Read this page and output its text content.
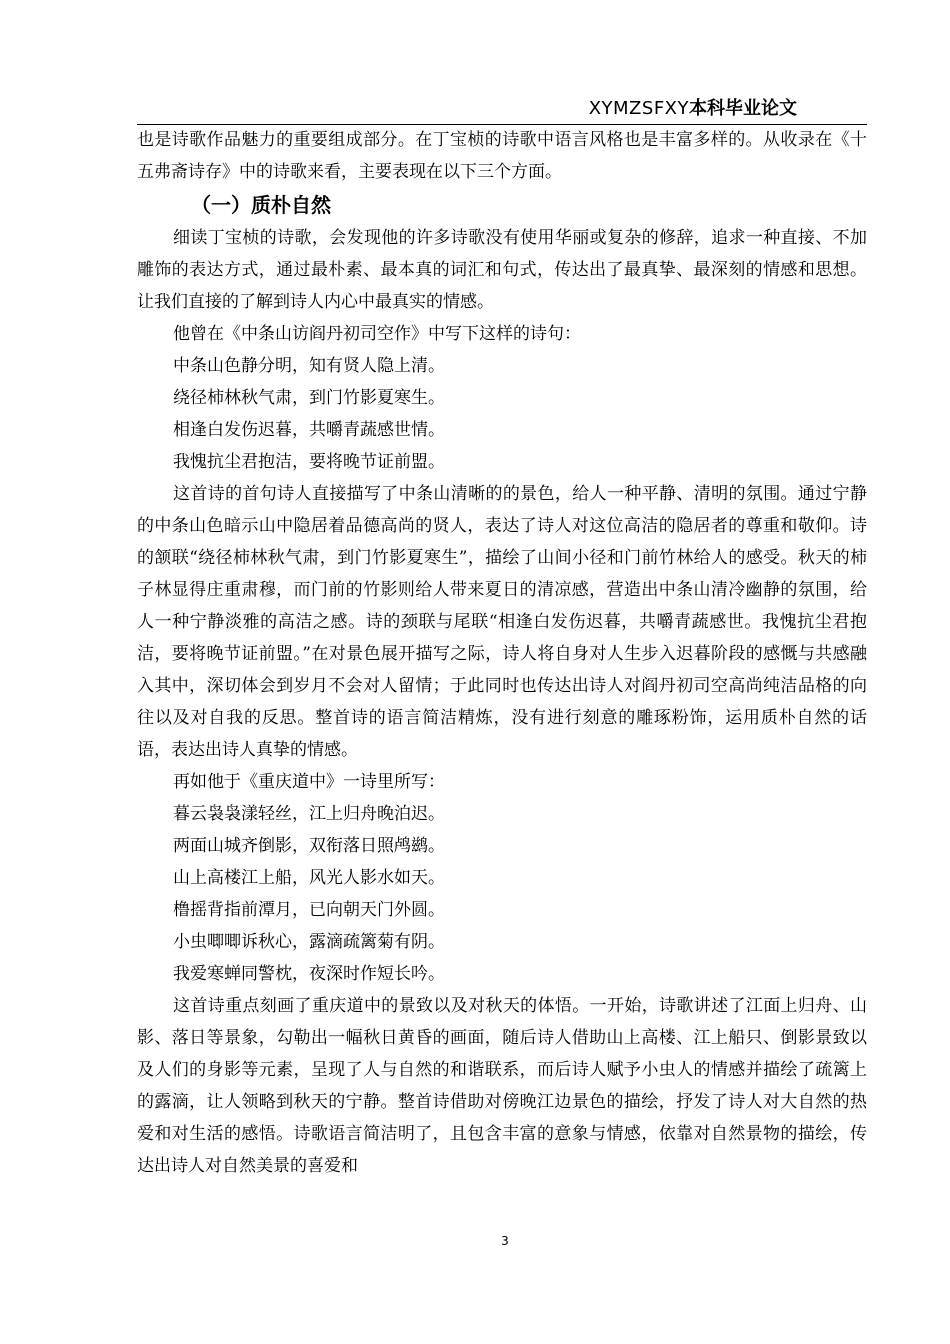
XYMZSFXY本科毕业论文

也是诗歌作品魅力的重要组成部分。在丁宝桢的诗歌中语言风格也是丰富多样的。从收录在《十五弗斋诗存》中的诗歌来看，主要表现在以下三个方面。

（一）质朴自然

细读丁宝桢的诗歌，会发现他的许多诗歌没有使用华丽或复杂的修辞，追求一种直接、不加雕饰的表达方式，通过最朴素、最本真的词汇和句式，传达出了最真挚、最深刻的情感和思想。让我们直接的了解到诗人内心中最真实的情感。

他曾在《中条山访阎丹初司空作》中写下这样的诗句：

中条山色静分明，知有贤人隐上清。

绕径柿林秋气肃，到门竹影夏寒生。

相逢白发伤迟暮，共嚼青蔬感世情。

我愧抗尘君抱洁，要将晚节证前盟。

这首诗的首句诗人直接描写了中条山清晰的的景色，给人一种平静、清明的氛围。通过宁静的中条山色暗示山中隐居着品德高尚的贤人，表达了诗人对这位高洁的隐居者的尊重和敬仰。诗的颔联“绕径柿林秋气肃，到门竹影夏寒生”，描绘了山间小径和门前竹林给人的感受。秋天的柿子林显得庄重肃穆，而门前的竹影则给人带来夏日的清凉感，营造出中条山清冷幽静的氛围，给人一种宁静淡雅的高洁之感。诗的颈联与尾联“相逢白发伤迟暮，共嚼青蔬感世。我愧抗尘君抱洁，要将晚节证前盟。”在对景色展开描写之际，诗人将自身对人生步入迟暮阶段的感慨与共感融入其中，深切体会到岁月不会对人留情；于此同时也传达出诗人对阎丹初司空高尚纯洁品格的向往以及对自我的反思。整首诗的语言简洁精炼，没有进行刻意的雕琢粉饰，运用质朴自然的话语，表达出诗人真挚的情感。

再如他于《重庆道中》一诗里所写：

暮云袅袅漾轻丝，江上归舟晚泊迟。

两面山城齐倒影，双衔落日照鸬鹚。

山上高楼江上船，风光人影水如天。

橹摇背指前潭月，已向朝天门外圆。

小虫唧唧诉秋心，露滴疏篱菊有阴。

我爱寒蝉同警枕，夜深时作短长吟。

这首诗重点刻画了重庆道中的景致以及对秋天的体悟。一开始，诗歌讲述了江面上归舟、山影、落日等景象，勾勒出一幅秋日黄昏的画面，随后诗人借助山上高楼、江上船只、倒影景致以及人们的身影等元素，呈现了人与自然的和谐联系，而后诗人赋予小虫人的情感并描绘了疏篱上的露滴，让人领略到秋天的宁静。整首诗借助对傍晚江边景色的描绘，抒发了诗人对大自然的热爱和对生活的感悟。诗歌语言简洁明了，且包含丰富的意象与情感，依靠对自然景物的描绘，传达出诗人对自然美景的喜爱和

3
